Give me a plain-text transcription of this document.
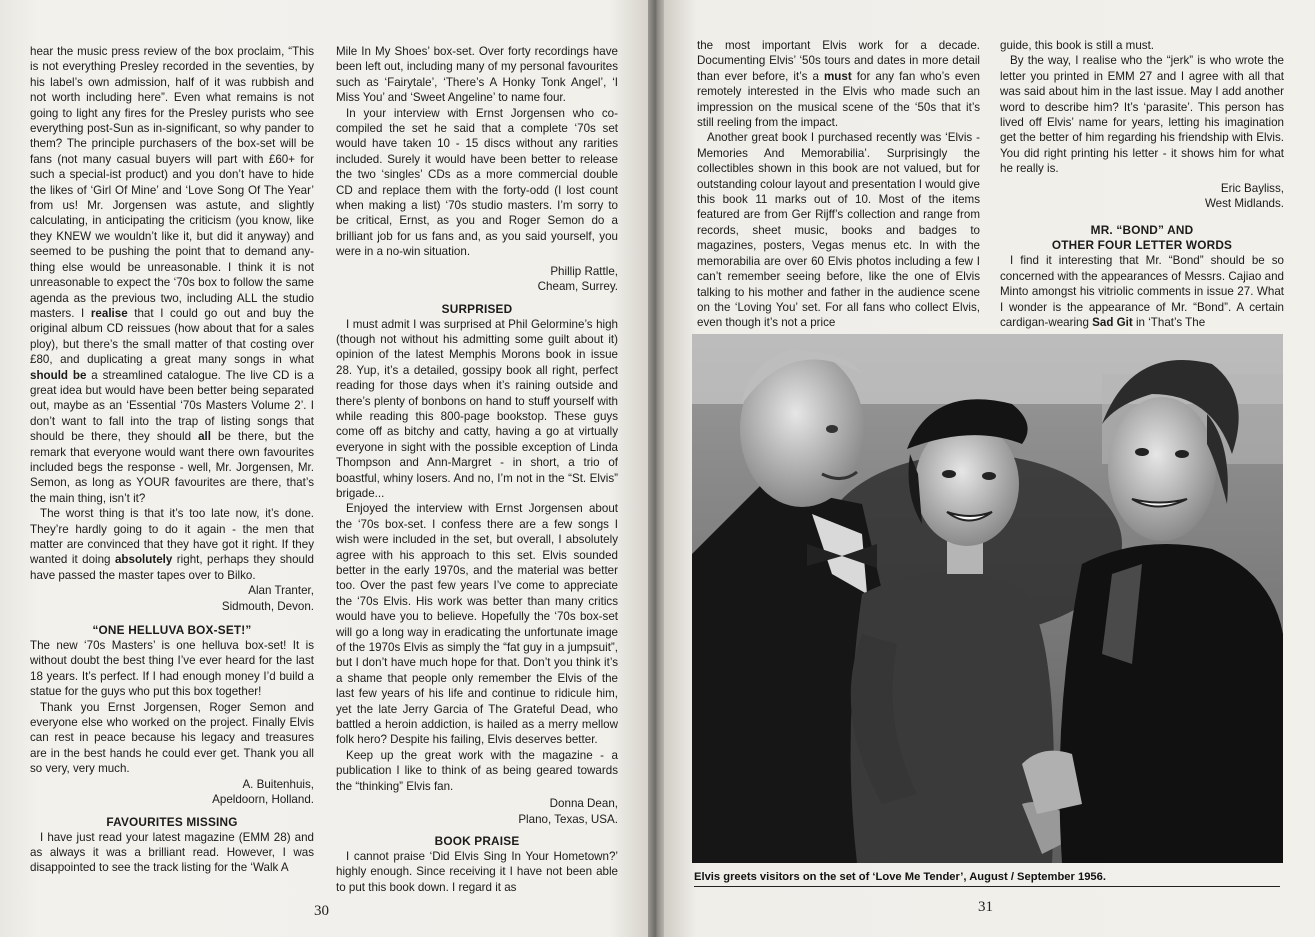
hear the music press review of the box proclaim, “This is not everything Presley recorded in the seventies, by his label’s own admission, half of it was rubbish and not worth including here”. Even what remains is not going to light any fires for the Presley purists who see everything post-Sun as in-significant, so why pander to them? The principle purchasers of the box-set will be fans (not many casual buyers will part with £60+ for such a special-ist product) and you don’t have to hide the likes of ‘Girl Of Mine’ and ‘Love Song Of The Year’ from us! Mr. Jorgensen was astute, and slightly calculating, in anticipating the criticism (you know, like they KNEW we wouldn’t like it, but did it anyway) and seemed to be pushing the point that to demand any-thing else would be unreasonable. I think it is not unreasonable to expect the ‘70s box to follow the same agenda as the previous two, including ALL the studio masters. I realise that I could go out and buy the original album CD reissues (how about that for a sales ploy), but there’s the small matter of that costing over £80, and duplicating a great many songs in what should be a streamlined catalogue. The live CD is a great idea but would have been better being separated out, maybe as an ‘Essential ‘70s Masters Volume 2’. I don’t want to fall into the trap of listing songs that should be there, they should all be there, but the remark that everyone would want there own favourites included begs the response - well, Mr. Jorgensen, Mr. Semon, as long as YOUR favourites are there, that’s the main thing, isn’t it?

The worst thing is that it’s too late now, it’s done. They’re hardly going to do it again - the men that matter are convinced that they have got it right. If they wanted it doing absolutely right, perhaps they should have passed the master tapes over to Bilko.

Alan Tranter,

Sidmouth, Devon.

“ONE HELLUVA BOX-SET!”

The new ‘70s Masters’ is one helluva box-set! It is without doubt the best thing I’ve ever heard for the last 18 years. It’s perfect. If I had enough money I’d build a statue for the guys who put this box together!

Thank you Ernst Jorgensen, Roger Semon and everyone else who worked on the project. Finally Elvis can rest in peace because his legacy and treasures are in the best hands he could ever get. Thank you all so very, very much.

A. Buitenhuis,

Apeldoorn, Holland.

FAVOURITES MISSING

I have just read your latest magazine (EMM 28) and as always it was a brilliant read. However, I was disappointed to see the track listing for the ‘Walk A

Mile In My Shoes’ box-set. Over forty recordings have been left out, including many of my personal favourites such as ‘Fairytale’, ‘There’s A Honky Tonk Angel’, ‘I Miss You’ and ‘Sweet Angeline’ to name four.

In your interview with Ernst Jorgensen who co-compiled the set he said that a complete ‘70s set would have taken 10 - 15 discs without any rarities included. Surely it would have been better to release the two ‘singles’ CDs as a more commercial double CD and replace them with the forty-odd (I lost count when making a list) ‘70s studio masters. I’m sorry to be critical, Ernst, as you and Roger Semon do a brilliant job for us fans and, as you said yourself, you were in a no-win situation.

Phillip Rattle,

Cheam, Surrey.

SURPRISED

I must admit I was surprised at Phil Gelormine’s high (though not without his admitting some guilt about it) opinion of the latest Memphis Morons book in issue 28. Yup, it’s a detailed, gossipy book all right, perfect reading for those days when it’s raining outside and there’s plenty of bonbons on hand to stuff yourself with while reading this 800-page bookstop. These guys come off as bitchy and catty, having a go at virtually everyone in sight with the possible exception of Linda Thompson and Ann-Margret - in short, a trio of boastful, whiny losers. And no, I’m not in the “St. Elvis” brigade...

Enjoyed the interview with Ernst Jorgensen about the ‘70s box-set. I confess there are a few songs I wish were included in the set, but overall, I absolutely agree with his approach to this set. Elvis sounded better in the early 1970s, and the material was better too. Over the past few years I’ve come to appreciate the ‘70s Elvis. His work was better than many critics would have you to believe. Hopefully the ‘70s box-set will go a long way in eradicating the unfortunate image of the 1970s Elvis as simply the “fat guy in a jumpsuit”, but I don’t have much hope for that. Don’t you think it’s a shame that people only remember the Elvis of the last few years of his life and continue to ridicule him, yet the late Jerry Garcia of The Grateful Dead, who battled a heroin addiction, is hailed as a merry mellow folk hero? Despite his failing, Elvis deserves better.

Keep up the great work with the magazine - a publication I like to think of as being geared towards the “thinking” Elvis fan.

Donna Dean,

Plano, Texas, USA.

BOOK PRAISE

I cannot praise ‘Did Elvis Sing In Your Hometown?’ highly enough. Since receiving it I have not been able to put this book down. I regard it as

30

the most important Elvis work for a decade. Documenting Elvis’ ‘50s tours and dates in more detail than ever before, it’s a must for any fan who’s even remotely interested in the Elvis who made such an impression on the musical scene of the ‘50s that it’s still reeling from the impact.

Another great book I purchased recently was ‘Elvis - Memories And Memorabilia’. Surprisingly the collectibles shown in this book are not valued, but for outstanding colour layout and presentation I would give this book 11 marks out of 10. Most of the items featured are from Ger Rijff’s collection and range from records, sheet music, books and badges to magazines, posters, Vegas menus etc. In with the memorabilia are over 60 Elvis photos including a few I can’t remember seeing before, like the one of Elvis talking to his mother and father in the audience scene on the ‘Loving You’ set. For all fans who collect Elvis, even though it’s not a price

guide, this book is still a must.

By the way, I realise who the “jerk” is who wrote the letter you printed in EMM 27 and I agree with all that was said about him in the last issue. May I add another word to describe him? It’s ‘parasite’. This person has lived off Elvis’ name for years, letting his imagination get the better of him regarding his friendship with Elvis. You did right printing his letter - it shows him for what he really is.

Eric Bayliss,

West Midlands.

MR. “BOND” AND
OTHER FOUR LETTER WORDS

I find it interesting that Mr. “Bond” should be so concerned with the appearances of Messrs. Cajiao and Minto amongst his vitriolic comments in issue 27. What I wonder is the appearance of Mr. “Bond”. A certain cardigan-wearing Sad Git in ‘That’s The

Elvis greets visitors on the set of ‘Love Me Tender’, August / September 1956.
31
